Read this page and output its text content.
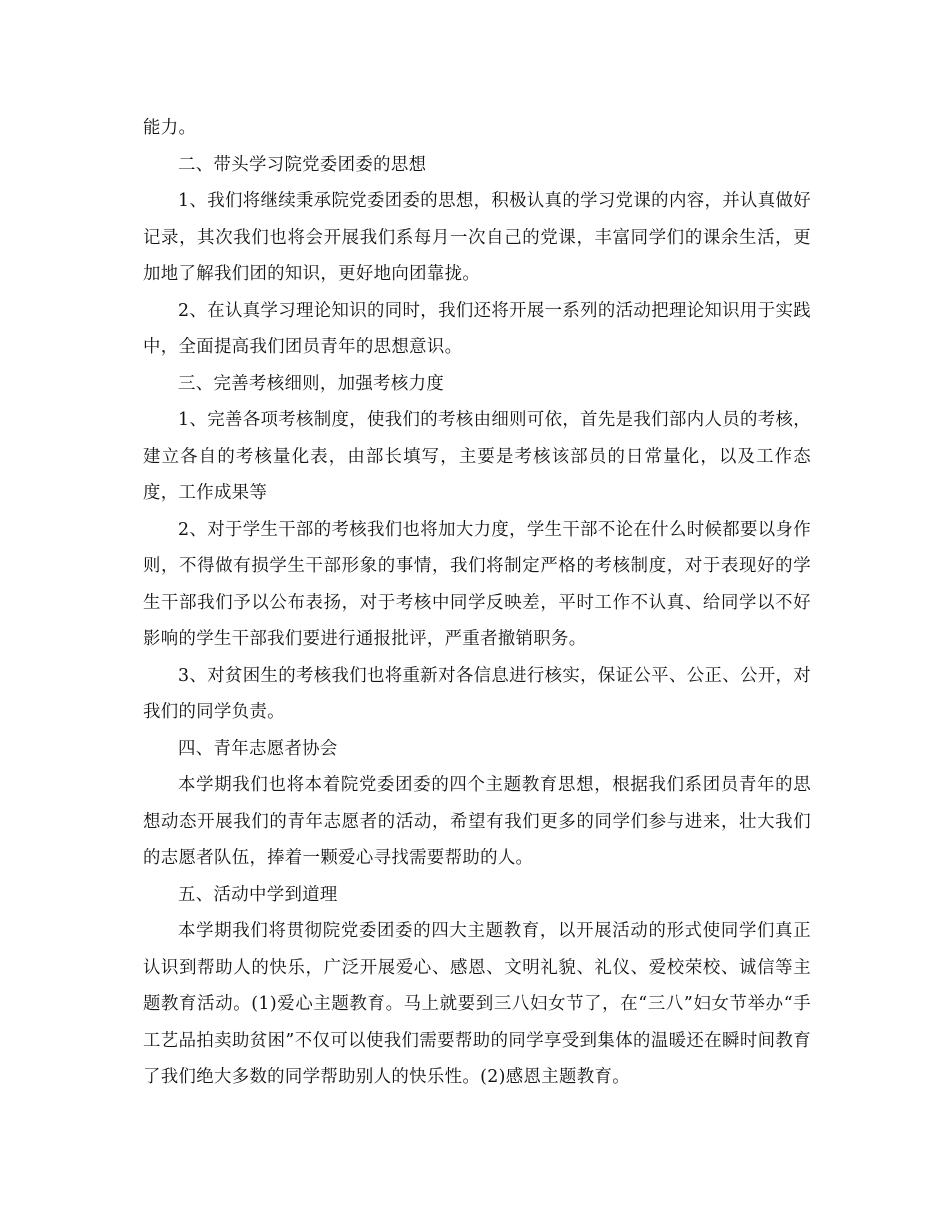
能力。

二、带头学习院党委团委的思想

1、我们将继续秉承院党委团委的思想，积极认真的学习党课的内容，并认真做好记录，其次我们也将会开展我们系每月一次自己的党课，丰富同学们的课余生活，更加地了解我们团的知识，更好地向团靠拢。

2、在认真学习理论知识的同时，我们还将开展一系列的活动把理论知识用于实践中，全面提高我们团员青年的思想意识。

三、完善考核细则，加强考核力度

1、完善各项考核制度，使我们的考核由细则可依，首先是我们部内人员的考核，建立各自的考核量化表，由部长填写，主要是考核该部员的日常量化，以及工作态度，工作成果等

2、对于学生干部的考核我们也将加大力度，学生干部不论在什么时候都要以身作则，不得做有损学生干部形象的事情，我们将制定严格的考核制度，对于表现好的学生干部我们予以公布表扬，对于考核中同学反映差，平时工作不认真、给同学以不好影响的学生干部我们要进行通报批评，严重者撤销职务。

3、对贫困生的考核我们也将重新对各信息进行核实，保证公平、公正、公开，对我们的同学负责。

四、青年志愿者协会

本学期我们也将本着院党委团委的四个主题教育思想，根据我们系团员青年的思想动态开展我们的青年志愿者的活动，希望有我们更多的同学们参与进来，壮大我们的志愿者队伍，捧着一颗爱心寻找需要帮助的人。

五、活动中学到道理

本学期我们将贯彻院党委团委的四大主题教育，以开展活动的形式使同学们真正认识到帮助人的快乐，广泛开展爱心、感恩、文明礼貌、礼仪、爱校荣校、诚信等主题教育活动。(1)爱心主题教育。马上就要到三八妇女节了，在“三八”妇女节举办“手工艺品拍卖助贫困”不仅可以使我们需要帮助的同学享受到集体的温暖还在瞬时间教育了我们绝大多数的同学帮助别人的快乐性。(2)感恩主题教育。
